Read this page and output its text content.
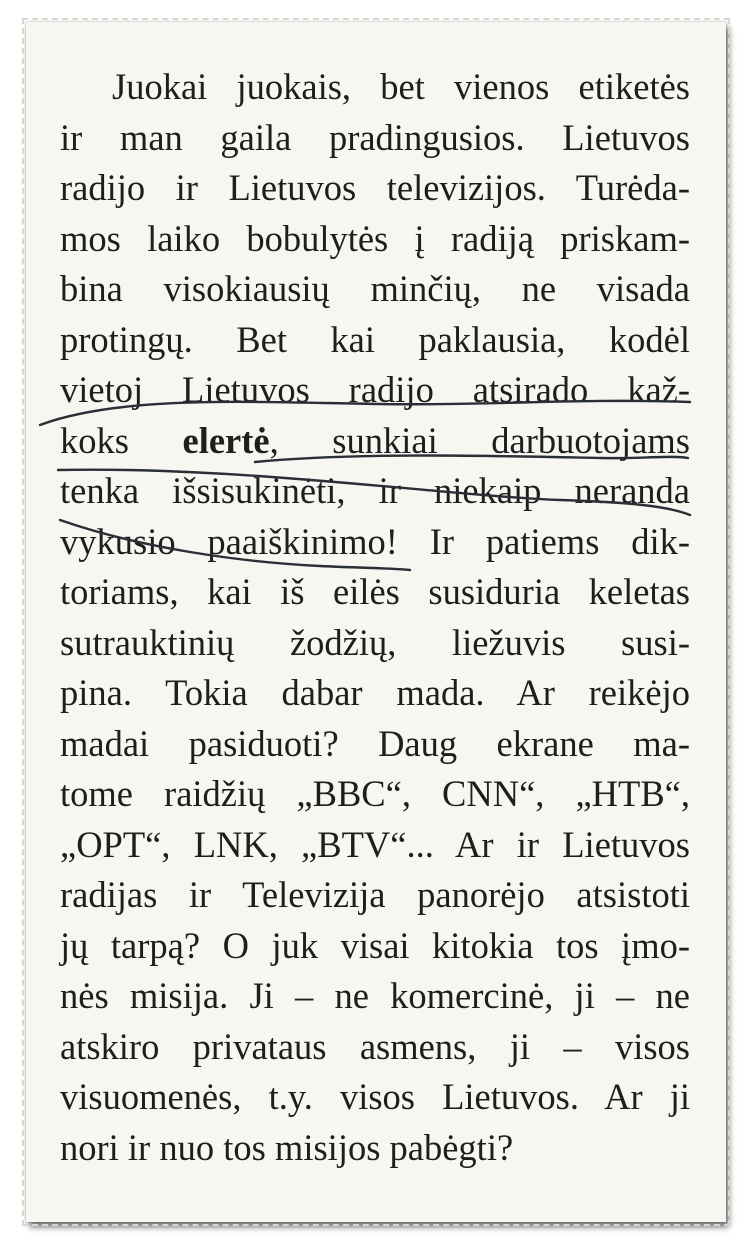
Juokai juokais, bet vienos etiketės
ir man gaila pradingusios. Lietuvos
radijo ir Lietuvos televizijos. Turėda-
mos laiko bobulytės į radiją priskam-
bina visokiausių minčių, ne visada
protingų. Bet kai paklausia, kodėl
vietoj Lietuvos radijo atsirado kaž-
koks elertė, sunkiai darbuotojams
tenka išsisukinėti, ir niekaip neranda
vykusio paaiškinimo! Ir patiems dik-
toriams, kai iš eilės susiduria keletas
sutrauktinių žodžių, liežuvis susi-
pina. Tokia dabar mada. Ar reikėjo
madai pasiduoti? Daug ekrane ma-
tome raidžių „BBC“, CNN“, „HTB“,
„OPT“, LNK, „BTV“... Ar ir Lietuvos
radijas ir Televizija panorėjo atsistoti
jų tarpą? O juk visai kitokia tos įmo-
nės misija. Ji – ne komercinė, ji – ne
atskiro privataus asmens, ji – visos
visuomenės, t.y. visos Lietuvos. Ar ji
nori ir nuo tos misijos pabėgti?
